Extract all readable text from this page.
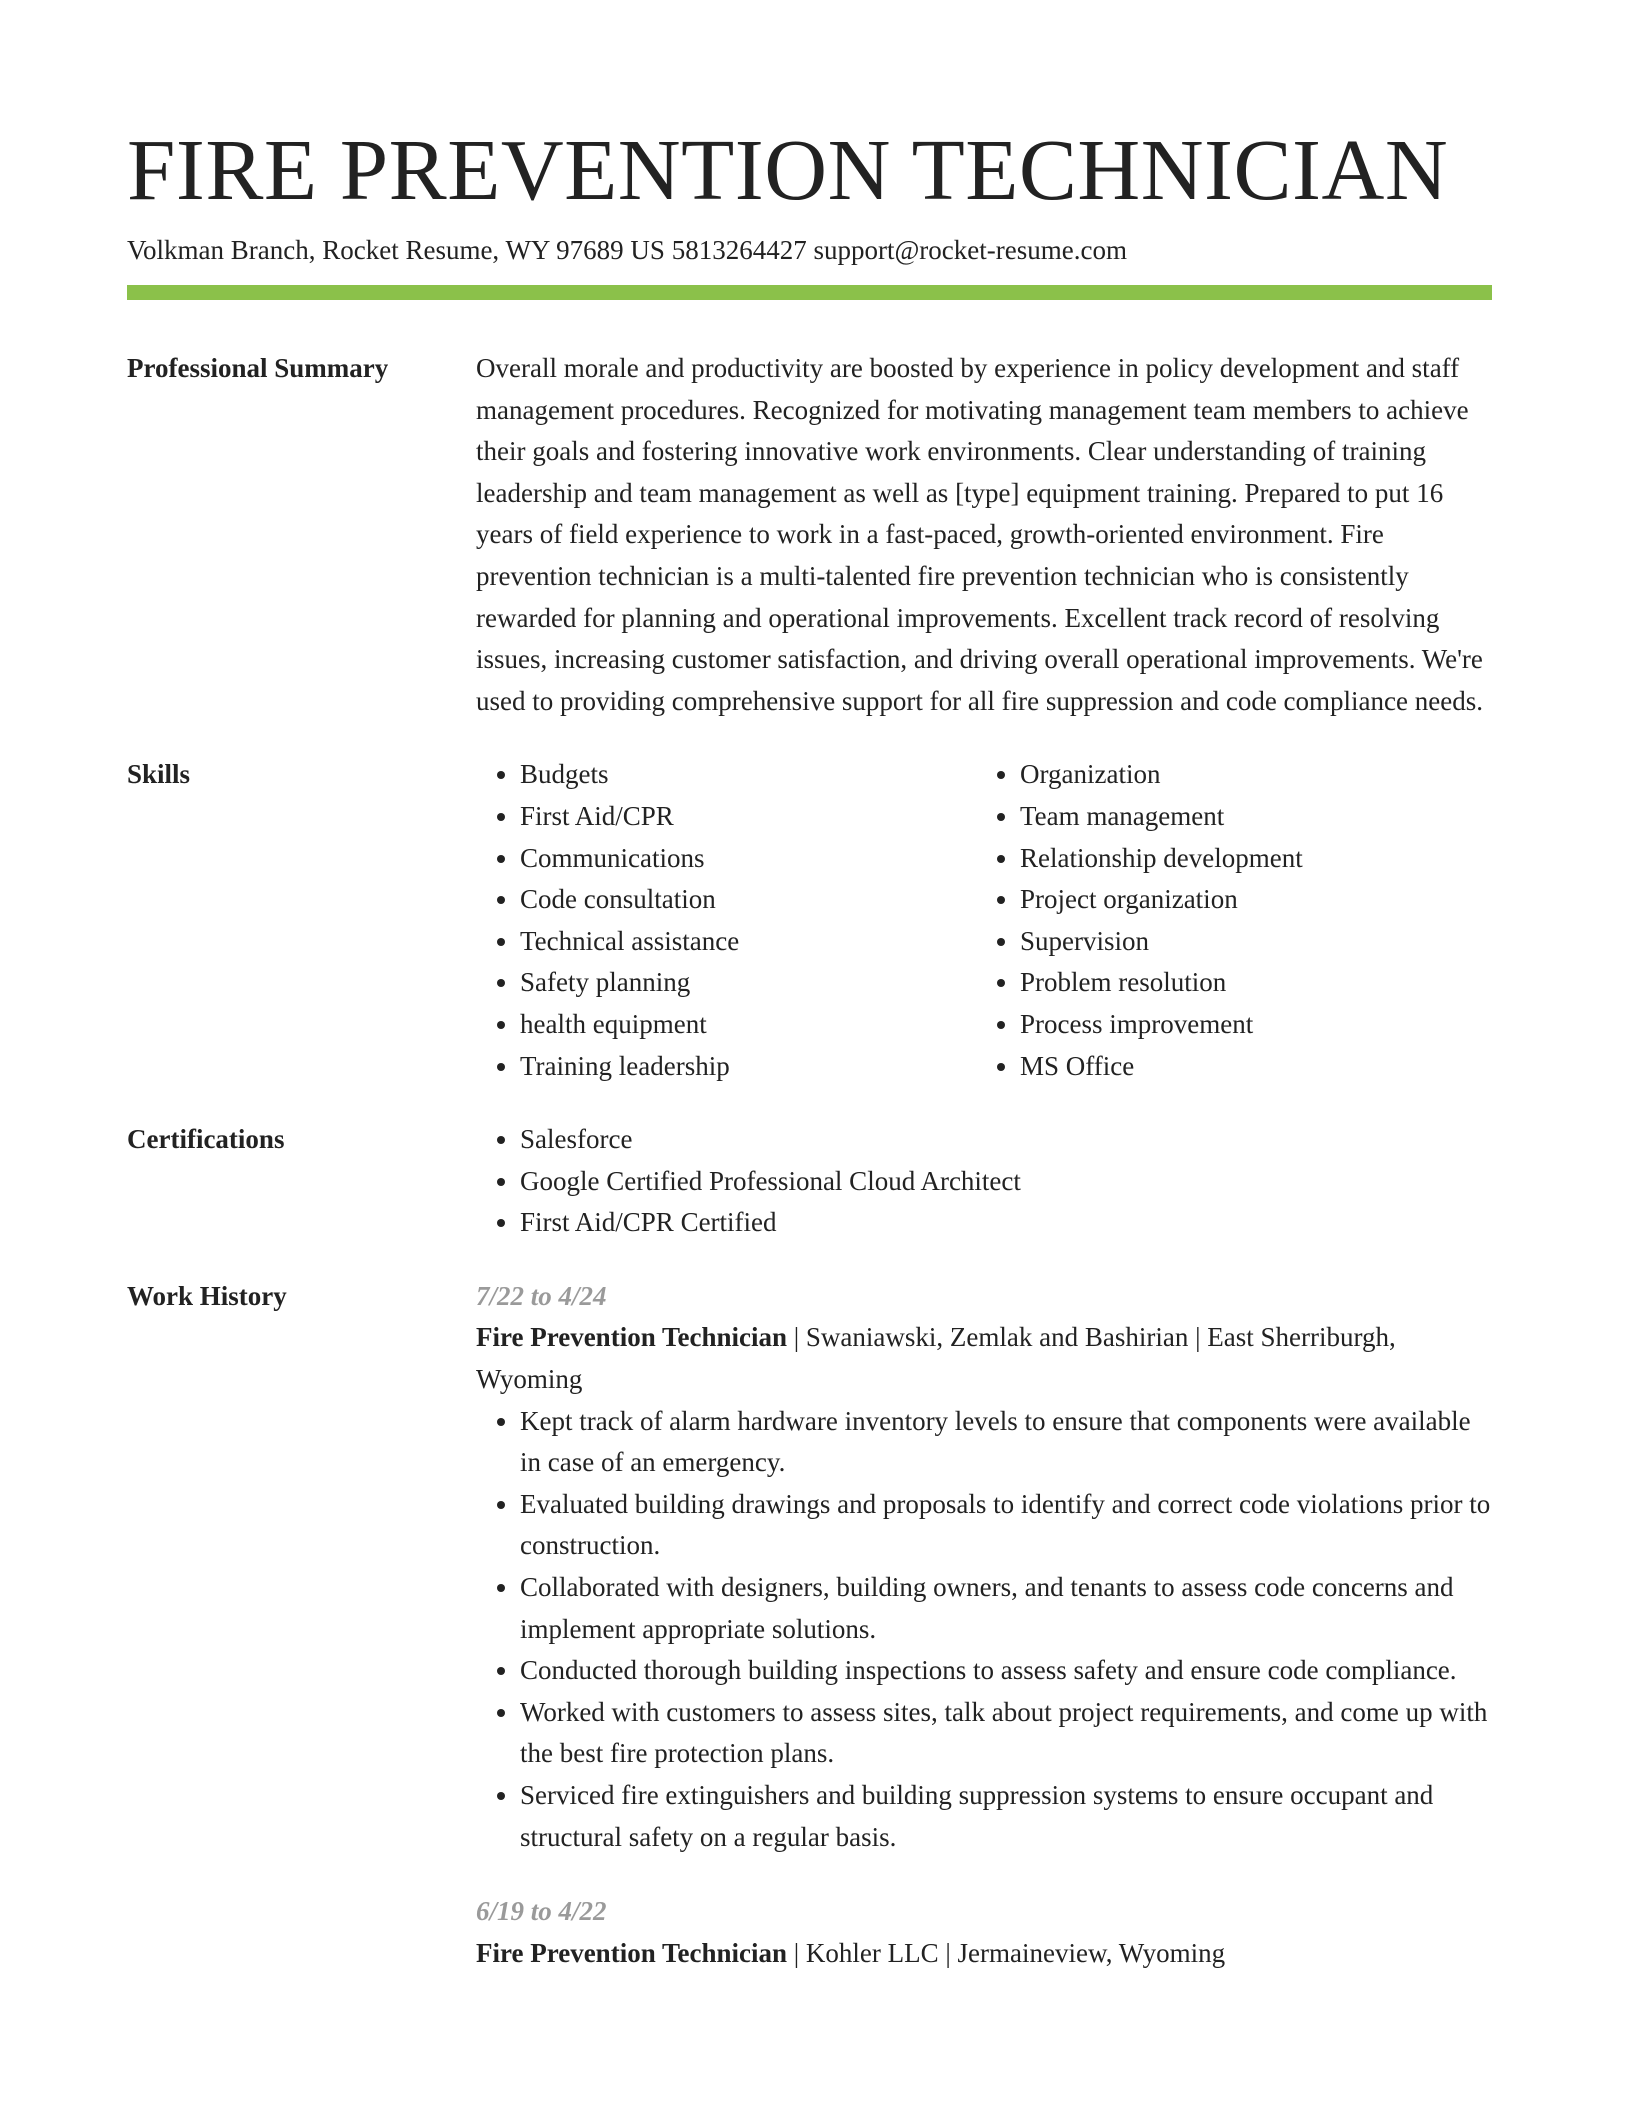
FIRE PREVENTION TECHNICIAN
Volkman Branch, Rocket Resume, WY 97689 US 5813264427 support@rocket-resume.com
Professional Summary	Overall morale and productivity are boosted by experience in policy development and staff management procedures. Recognized for motivating management team members to achieve their goals and fostering innovative work environments. Clear understanding of training leadership and team management as well as [type] equipment training. Prepared to put 16 years of field experience to work in a fast-paced, growth-oriented environment. Fire prevention technician is a multi-talented fire prevention technician who is consistently rewarded for planning and operational improvements. Excellent track record of resolving issues, increasing customer satisfaction, and driving overall operational improvements. We're used to providing comprehensive support for all fire suppression and code compliance needs.

Skills	• Budgets
• First Aid/CPR
• Communications
• Code consultation
• Technical assistance
• Safety planning
• health equipment
• Training leadership
• Organization
• Team management
• Relationship development
• Project organization
• Supervision
• Problem resolution
• Process improvement
• MS Office
Certifications	• Salesforce
• Google Certified Professional Cloud Architect
• First Aid/CPR Certified
Work History	7/22 to 4/24
Fire Prevention Technician | Swaniawski, Zemlak and Bashirian | East Sherriburgh, Wyoming
• Kept track of alarm hardware inventory levels to ensure that components were available in case of an emergency.
• Evaluated building drawings and proposals to identify and correct code violations prior to construction.
• Collaborated with designers, building owners, and tenants to assess code concerns and implement appropriate solutions.
• Conducted thorough building inspections to assess safety and ensure code compliance.
• Worked with customers to assess sites, talk about project requirements, and come up with the best fire protection plans.
• Serviced fire extinguishers and building suppression systems to ensure occupant and structural safety on a regular basis.
6/19 to 4/22
Fire Prevention Technician | Kohler LLC | Jermaineview, Wyoming
